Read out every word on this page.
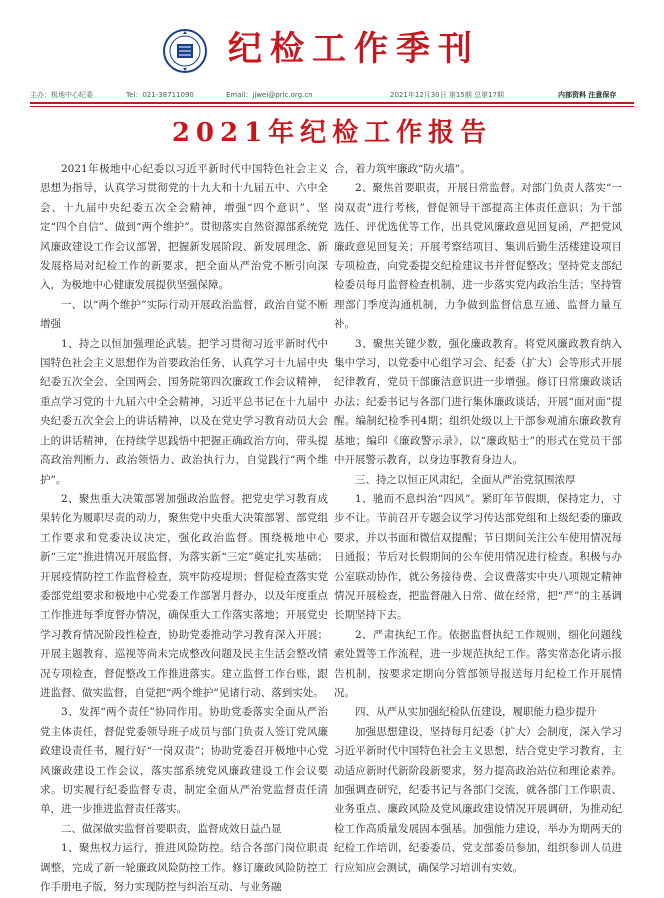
纪检工作季刊
主办：极地中心纪委	Tel：021-38711090	Email：jjwei@pric.org.cn	2021年12月30日 第15期 总第17期	内部资料 注意保存
2021年纪检工作报告

2021年极地中心纪委以习近平新时代中国特色社会主义思想为指导，认真学习贯彻党的十九大和十九届五中、六中全会、十九届中央纪委五次全会精神，增强“四个意识”、坚定“四个自信”、做到“两个维护”。贯彻落实自然资源部系统党风廉政建设工作会议部署，把握新发展阶段、新发展理念、新发展格局对纪检工作的新要求，把全面从严治党不断引向深入，为极地中心健康发展提供坚强保障。

一、以“两个维护”实际行动开展政治监督，政治自觉不断增强

1、持之以恒加强理论武装。把学习贯彻习近平新时代中国特色社会主义思想作为首要政治任务，认真学习十九届中央纪委五次全会、全国两会、国务院第四次廉政工作会议精神，重点学习党的十九届六中全会精神，习近平总书记在十九届中央纪委五次全会上的讲话精神，以及在党史学习教育动员大会上的讲话精神，在持续学思践悟中把握正确政治方向，带头提高政治判断力、政治领悟力、政治执行力，自觉践行“两个维护”。

2、聚焦重大决策部署加强政治监督。把党史学习教育成果转化为履职尽责的动力，聚焦党中央重大决策部署、部党组工作要求和党委决议决定，强化政治监督。围绕极地中心新“三定”推进情况开展监督，为落实新“三定”奠定扎实基础；开展疫情防控工作监督检查，筑牢防疫堤坝；督促检查落实党委部党组要求和极地中心党委工作部署月督办，以及年度重点工作推进每季度督办情况，确保重大工作落实落地；开展党史学习教育情况阶段性检查，协助党委推动学习教育深入开展；开展主题教育、巡视等尚未完成整改问题及民主生活会整改情况专项检查，督促整改工作推进落实。建立监督工作台账，跟进监督、做实监督，自觉把“两个维护”见诸行动、落到实处。

3、发挥“两个责任”协同作用。协助党委落实全面从严治党主体责任，督促党委领导班子成员与部门负责人签订党风廉政建设责任书，履行好“一岗双责”；协助党委召开极地中心党风廉政建设工作会议，落实部系统党风廉政建设工作会议要求。切实履行纪委监督专责，制定全面从严治党监督责任清单，进一步推进监督责任落实。

二、做深做实监督首要职责，监督成效日益凸显

1、聚焦权力运行，推进风险防控。结合各部门岗位职责调整，完成了新一轮廉政风险防控工作。修订廉政风险防控工作手册电子版，努力实现防控与纠治互动、与业务融

合，着力筑牢廉政“防火墙”。

2、聚焦首要职责，开展日常监督。对部门负责人落实“一岗双责”进行考核，督促领导干部提高主体责任意识；为干部选任、评优选优等工作，出具党风廉政意见回复函，严把党风廉政意见回复关；开展考察结项目、集训后勤生活楼建设项目专项检查，向党委提交纪检建议书并督促整改；坚持党支部纪检委员每月监督检查机制，进一步落实党内政治生活；坚持管理部门季度沟通机制，力争做到监督信息互通、监督力量互补。

3、聚焦关键少数，强化廉政教育。将党风廉政教育纳入集中学习，以党委中心组学习会、纪委（扩大）会等形式开展纪律教育，党员干部廉洁意识进一步增强。修订日常廉政谈话办法；纪委书记与各部门进行集体廉政谈话，开展“面对面”提醒。编制纪检季刊4期；组织处级以上干部参观浦东廉政教育基地；编印《廉政警示录》，以“廉政贴士”的形式在党员干部中开展警示教育，以身边事教育身边人。

三、持之以恒正风肃纪，全面从严治党氛围浓厚

1、驰而不息纠治“四风”。紧盯年节假期，保持定力，寸步不让。节前召开专题会议学习传达部党组和上级纪委的廉政要求，并以书面和微信双提醒；节日期间关注公车使用情况每日通报；节后对长假期间的公车使用情况进行检查。积极与办公室联动协作，就公务接待费、会议费落实中央八项规定精神情况开展检查，把监督融入日常、做在经常，把“严”的主基调长期坚持下去。

2、严肃执纪工作。依据监督执纪工作规则，细化问题线索处置等工作流程，进一步规范执纪工作。落实常态化请示报告机制，按要求定期向分管部领导报送每月纪检工作开展情况。

四、从严从实加强纪检队伍建设，履职能力稳步提升

加强思想建设，坚持每月纪委（扩大）会制度，深入学习习近平新时代中国特色社会主义思想，结合党史学习教育，主动适应新时代新阶段新要求，努力提高政治站位和理论素养。加强调查研究，纪委书记与各部门交流，就各部门工作职责、业务重点、廉政风险及党风廉政建设情况开展调研，为推动纪检工作高质量发展固本强基。加强能力建设，举办为期两天的纪检工作培训，纪委委员、党支部委员参加，组织参训人员进行应知应会测试，确保学习培训有实效。
